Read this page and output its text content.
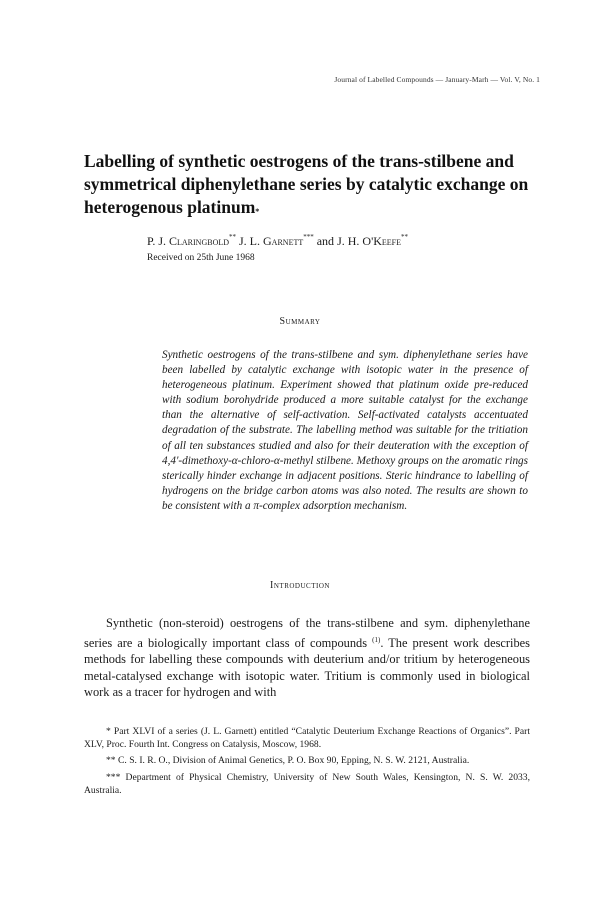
Journal of Labelled Compounds — January-Marh — Vol. V, No. 1
Labelling of synthetic oestrogens of the trans-stilbene and symmetrical diphenylethane series by catalytic exchange on heterogenous platinum*
P. J. Claringbold** J. L. Garnett*** and J. H. O'Keefe**
Received on 25th June 1968
Summary

Synthetic oestrogens of the trans-stilbene and sym. diphenylethane series have been labelled by catalytic exchange with isotopic water in the presence of heterogeneous platinum. Experiment showed that platinum oxide pre-reduced with sodium borohydride produced a more suitable catalyst for the exchange than the alternative of self-activation. Self-activated catalysts accentuated degradation of the substrate. The labelling method was suitable for the tritiation of all ten substances studied and also for their deuteration with the exception of 4,4'-dimethoxy-α-chloro-α-methyl stilbene. Methoxy groups on the aromatic rings sterically hinder exchange in adjacent positions. Steric hindrance to labelling of hydrogens on the bridge carbon atoms was also noted. The results are shown to be consistent with a π-complex adsorption mechanism.

Introduction

Synthetic (non-steroid) oestrogens of the trans-stilbene and sym. diphenylethane series are a biologically important class of compounds $^{(1)}$. The present work describes methods for labelling these compounds with deuterium and/or tritium by heterogeneous metal-catalysed exchange with isotopic water. Tritium is commonly used in biological work as a tracer for hydrogen and with

* Part XLVI of a series (J. L. Garnett) entitled “Catalytic Deuterium Exchange Reactions of Organics”. Part XLV, Proc. Fourth Int. Congress on Catalysis, Moscow, 1968.

** C. S. I. R. O., Division of Animal Genetics, P. O. Box 90, Epping, N. S. W. 2121, Australia.

*** Department of Physical Chemistry, University of New South Wales, Kensington, N. S. W. 2033, Australia.
